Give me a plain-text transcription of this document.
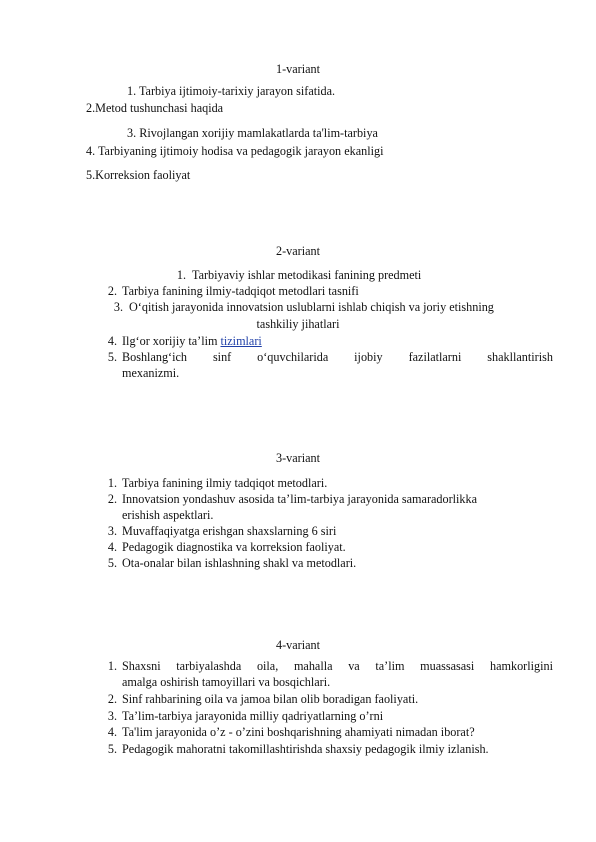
1-variant

1. Tarbiya ijtimoiy-tarixiy jarayon sifatida.

2.Metod tushunchasi haqida

3. Rivojlangan xorijiy mamlakatlarda ta'lim-tarbiya

4. Tarbiyaning ijtimoiy hodisa va pedagogik jarayon ekanligi

5.Korreksion faoliyat

2-variant

1. Tarbiyaviy ishlar metodikasi fanining predmeti

2. Tarbiya fanining ilmiy-tadqiqot metodlari tasnifi

3. O‘qitish jarayonida innovatsion uslublarni ishlab chiqish va joriy etishning

tashkiliy jihatlari

4. Ilg‘or xorijiy ta’lim tizimlari

5. Boshlang‘ich sinf o‘quvchilarida ijobiy fazilatlarni shakllantirish

mexanizmi.

3-variant

1. Tarbiya fanining ilmiy tadqiqot metodlari.

2. Innovatsion yondashuv asosida ta’lim-tarbiya jarayonida samaradorlikka

erishish aspektlari.

3. Muvaffaqiyatga erishgan shaxslarning 6 siri

4. Pedagogik diagnostika va korreksion faoliyat.

5. Ota-onalar bilan ishlashning shakl va metodlari.

4-variant

1. Shaxsni tarbiyalashda oila, mahalla va ta’lim muassasasi hamkorligini

amalga oshirish tamoyillari va bosqichlari.

2. Sinf rahbarining oila va jamoa bilan olib boradigan faoliyati.

3. Ta’lim-tarbiya jarayonida milliy qadriyatlarning o’rni

4. Ta'lim jarayonida o’z - o’zini boshqarishning ahamiyati nimadan iborat?

5. Pedagogik mahoratni takomillashtirishda shaxsiy pedagogik ilmiy izlanish.
